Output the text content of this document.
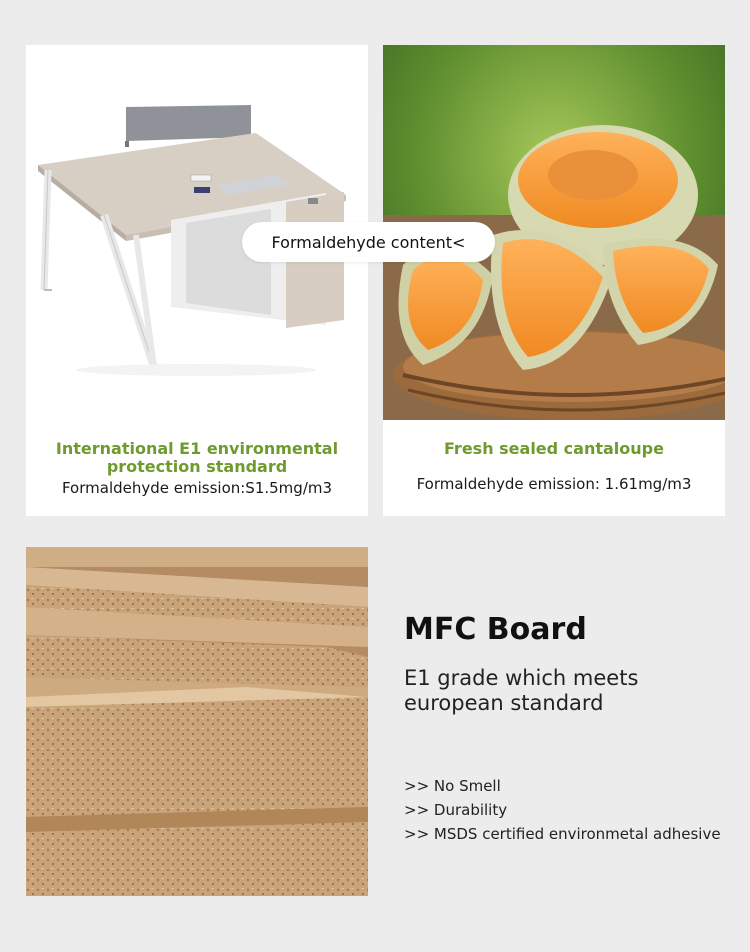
International E1 environmental protection standard
Formaldehyde emission:S1.5mg/m3
Fresh sealed cantaloupe
Formaldehyde emission: 1.61mg/m3
Formaldehyde content<
MFC Board
E1 grade which meets european standard
>> No Smell
>> Durability
>> MSDS certified environmetal adhesive
